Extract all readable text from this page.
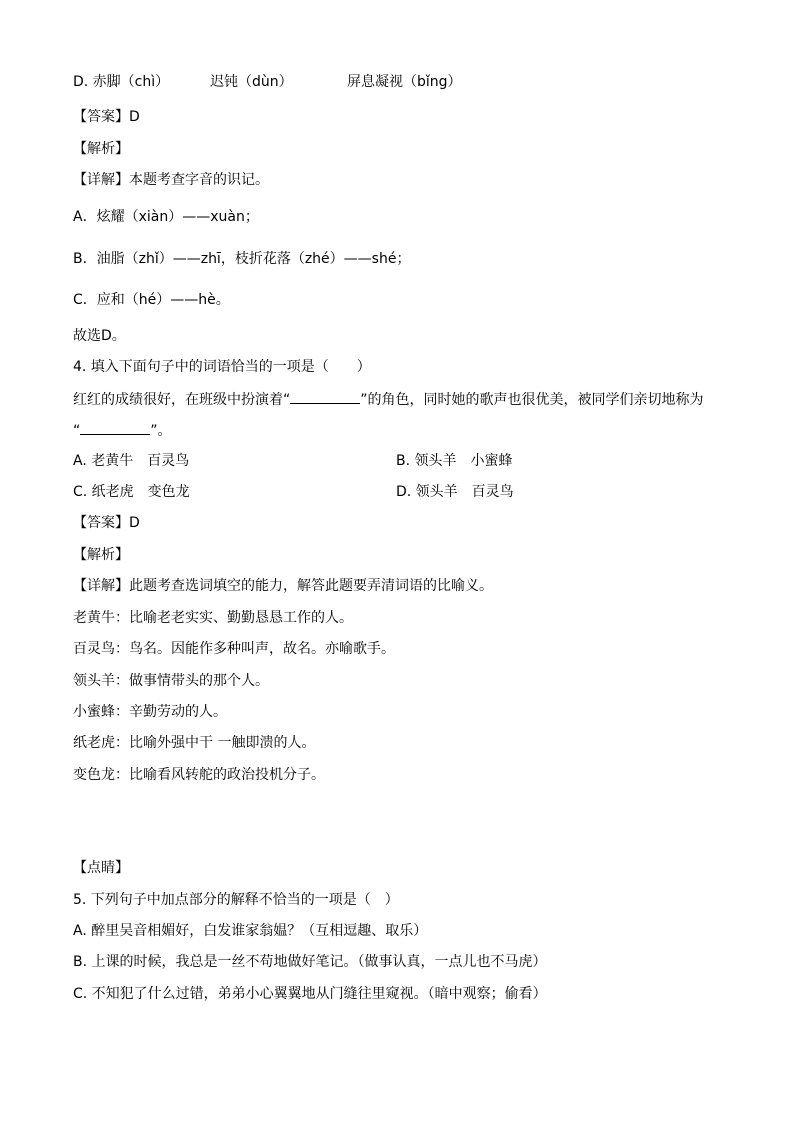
D. 赤脚（chì）	迟钝（dùn）	屏息凝视（bǐng）
【答案】D
【解析】
【详解】本题考查字音的识记。
A．炫耀（xiàn）——xuàn；
B．油脂（zhǐ）——zhī，枝折花落（zhé）——shé；
C．应和（hé）——hè。
故选D。
4. 填入下面句子中的词语恰当的一项是（　　）
红红的成绩很好，在班级中扮演着“	”的角色，同时她的歌声也很优美，被同学们亲切地称为
“	”。
A. 老黄牛　百灵鸟	B. 领头羊　小蜜蜂
C. 纸老虎　变色龙	D. 领头羊　百灵鸟
【答案】D
【解析】
【详解】此题考查选词填空的能力，解答此题要弄清词语的比喻义。
老黄牛：比喻老老实实、勤勤恳恳工作的人。
百灵鸟：鸟名。因能作多种叫声，故名。亦喻歌手。
领头羊：做事情带头的那个人。
小蜜蜂：辛勤劳动的人。
纸老虎：比喻外强中干 一触即溃的人。
变色龙：比喻看风转舵的政治投机分子。
【点睛】
5. 下列句子中加点部分的解释不恰当的一项是（　）
A. 醉里吴音相媚好，白发谁家翁媪？（互相逗趣、取乐）
B. 上课的时候，我总是一丝不苟地做好笔记。（做事认真，一点儿也不马虎）
C. 不知犯了什么过错，弟弟小心翼翼地从门缝往里窥视。（暗中观察；偷看）
